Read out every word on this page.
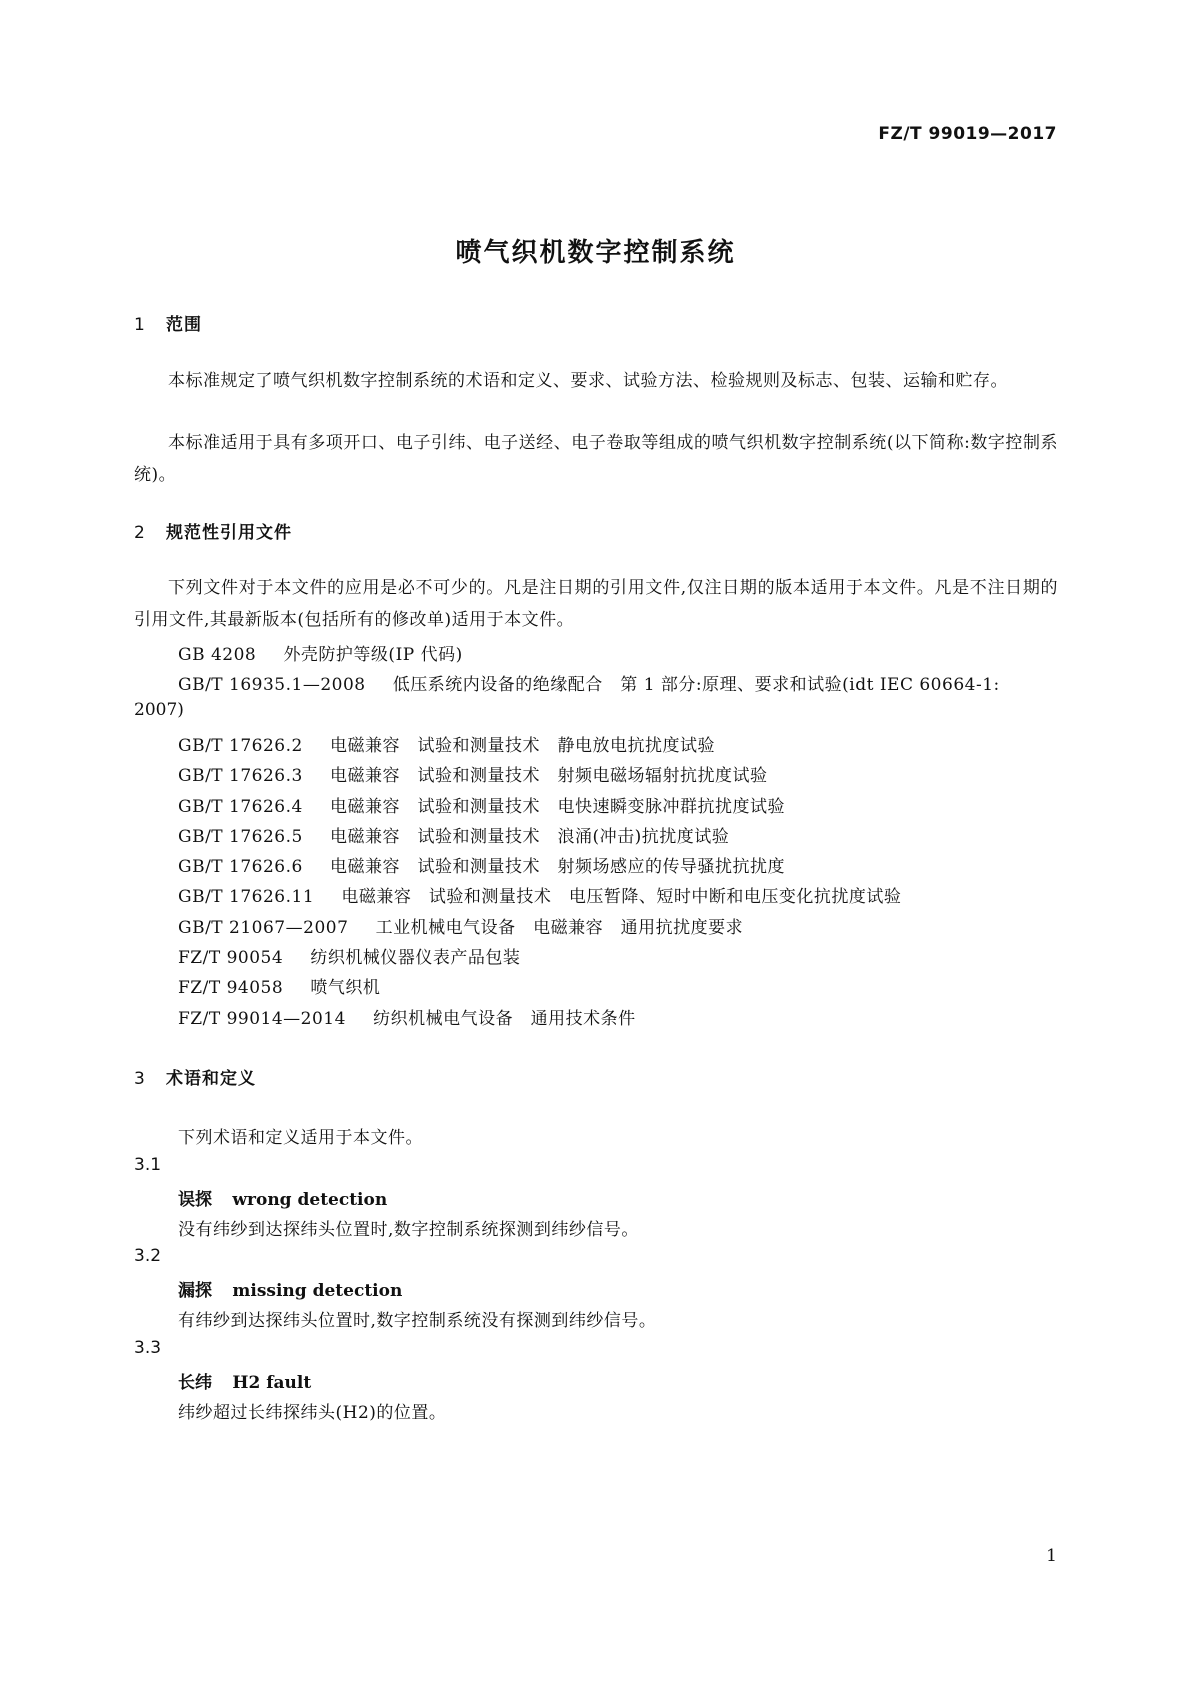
FZ/T 99019—2017
喷气织机数字控制系统
1 范围
本标准规定了喷气织机数字控制系统的术语和定义、要求、试验方法、检验规则及标志、包装、运输和贮存。
本标准适用于具有多项开口、电子引纬、电子送经、电子卷取等组成的喷气织机数字控制系统(以下简称:数字控制系统)。
2 规范性引用文件
下列文件对于本文件的应用是必不可少的。凡是注日期的引用文件,仅注日期的版本适用于本文件。凡是不注日期的引用文件,其最新版本(包括所有的修改单)适用于本文件。
GB 4208 外壳防护等级(IP 代码)
GB/T 16935.1—2008 低压系统内设备的绝缘配合　第 1 部分:原理、要求和试验(idt IEC 60664-1:
2007)
GB/T 17626.2 电磁兼容　试验和测量技术　静电放电抗扰度试验
GB/T 17626.3 电磁兼容　试验和测量技术　射频电磁场辐射抗扰度试验
GB/T 17626.4 电磁兼容　试验和测量技术　电快速瞬变脉冲群抗扰度试验
GB/T 17626.5 电磁兼容　试验和测量技术　浪涌(冲击)抗扰度试验
GB/T 17626.6 电磁兼容　试验和测量技术　射频场感应的传导骚扰抗扰度
GB/T 17626.11 电磁兼容　试验和测量技术　电压暂降、短时中断和电压变化抗扰度试验
GB/T 21067—2007 工业机械电气设备　电磁兼容　通用抗扰度要求
FZ/T 90054 纺织机械仪器仪表产品包装
FZ/T 94058 喷气织机
FZ/T 99014—2014 纺织机械电气设备　通用技术条件
3 术语和定义
下列术语和定义适用于本文件。
3.1
误探 wrong detection
没有纬纱到达探纬头位置时,数字控制系统探测到纬纱信号。
3.2
漏探 missing detection
有纬纱到达探纬头位置时,数字控制系统没有探测到纬纱信号。
3.3
长纬 H2 fault
纬纱超过长纬探纬头(H2)的位置。
1
